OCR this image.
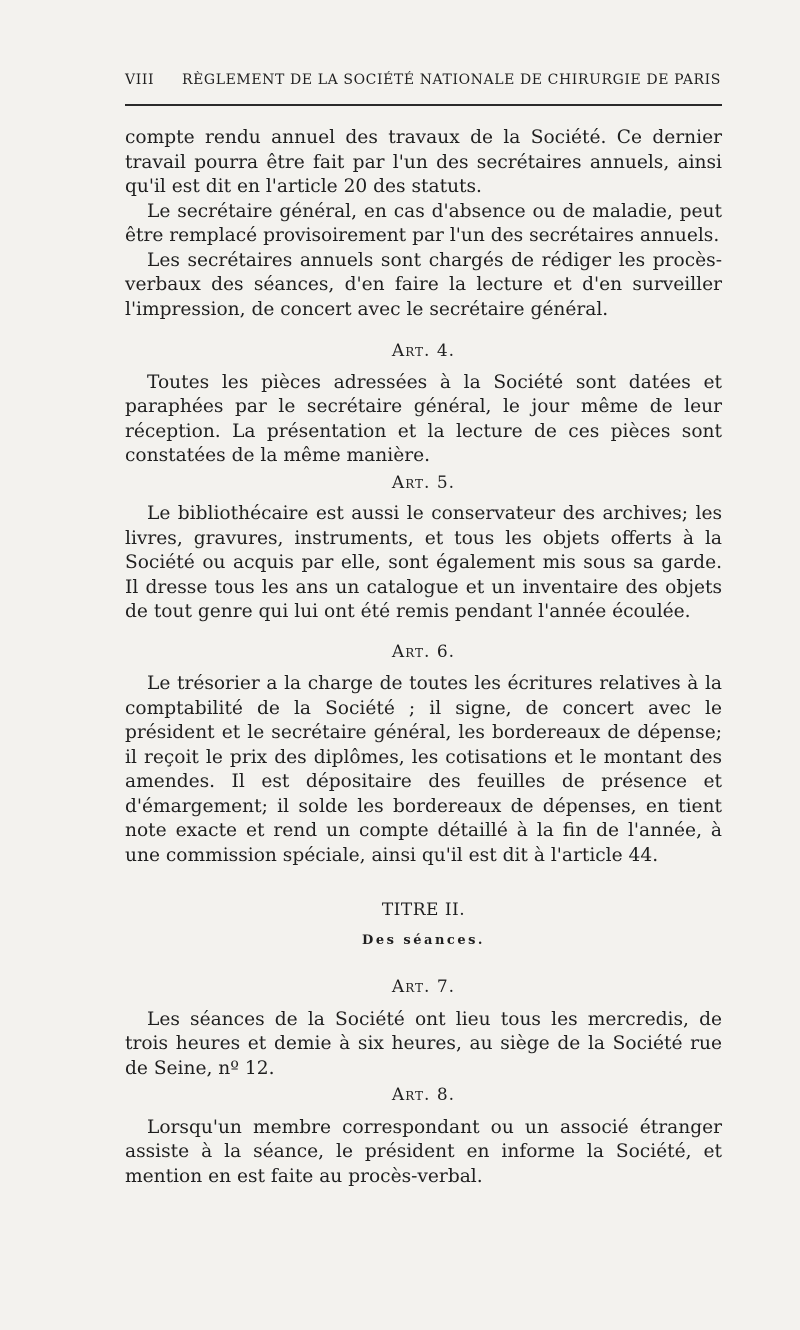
VIII RÈGLEMENT DE LA SOCIÉTÉ NATIONALE DE CHIRURGIE DE PARIS

compte rendu annuel des travaux de la Société. Ce dernier travail pourra être fait par l'un des secrétaires annuels, ainsi qu'il est dit en l'article 20 des statuts.

Le secrétaire général, en cas d'absence ou de maladie, peut être remplacé provisoirement par l'un des secrétaires annuels.

Les secrétaires annuels sont chargés de rédiger les procès-verbaux des séances, d'en faire la lecture et d'en surveiller l'impression, de concert avec le secrétaire général.

Art. 4.

Toutes les pièces adressées à la Société sont datées et paraphées par le secrétaire général, le jour même de leur réception. La présentation et la lecture de ces pièces sont constatées de la même manière.

Art. 5.

Le bibliothécaire est aussi le conservateur des archives; les livres, gravures, instruments, et tous les objets offerts à la Société ou acquis par elle, sont également mis sous sa garde. Il dresse tous les ans un catalogue et un inventaire des objets de tout genre qui lui ont été remis pendant l'année écoulée.

Art. 6.

Le trésorier a la charge de toutes les écritures relatives à la comptabilité de la Société ; il signe, de concert avec le président et le secrétaire général, les bordereaux de dépense; il reçoit le prix des diplômes, les cotisations et le montant des amendes. Il est dépositaire des feuilles de présence et d'émargement; il solde les bordereaux de dépenses, en tient note exacte et rend un compte détaillé à la fin de l'année, à une commission spéciale, ainsi qu'il est dit à l'article 44.

TITRE II.

Des séances.

Art. 7.

Les séances de la Société ont lieu tous les mercredis, de trois heures et demie à six heures, au siège de la Société rue de Seine, nº 12.

Art. 8.

Lorsqu'un membre correspondant ou un associé étranger assiste à la séance, le président en informe la Société, et mention en est faite au procès-verbal.
